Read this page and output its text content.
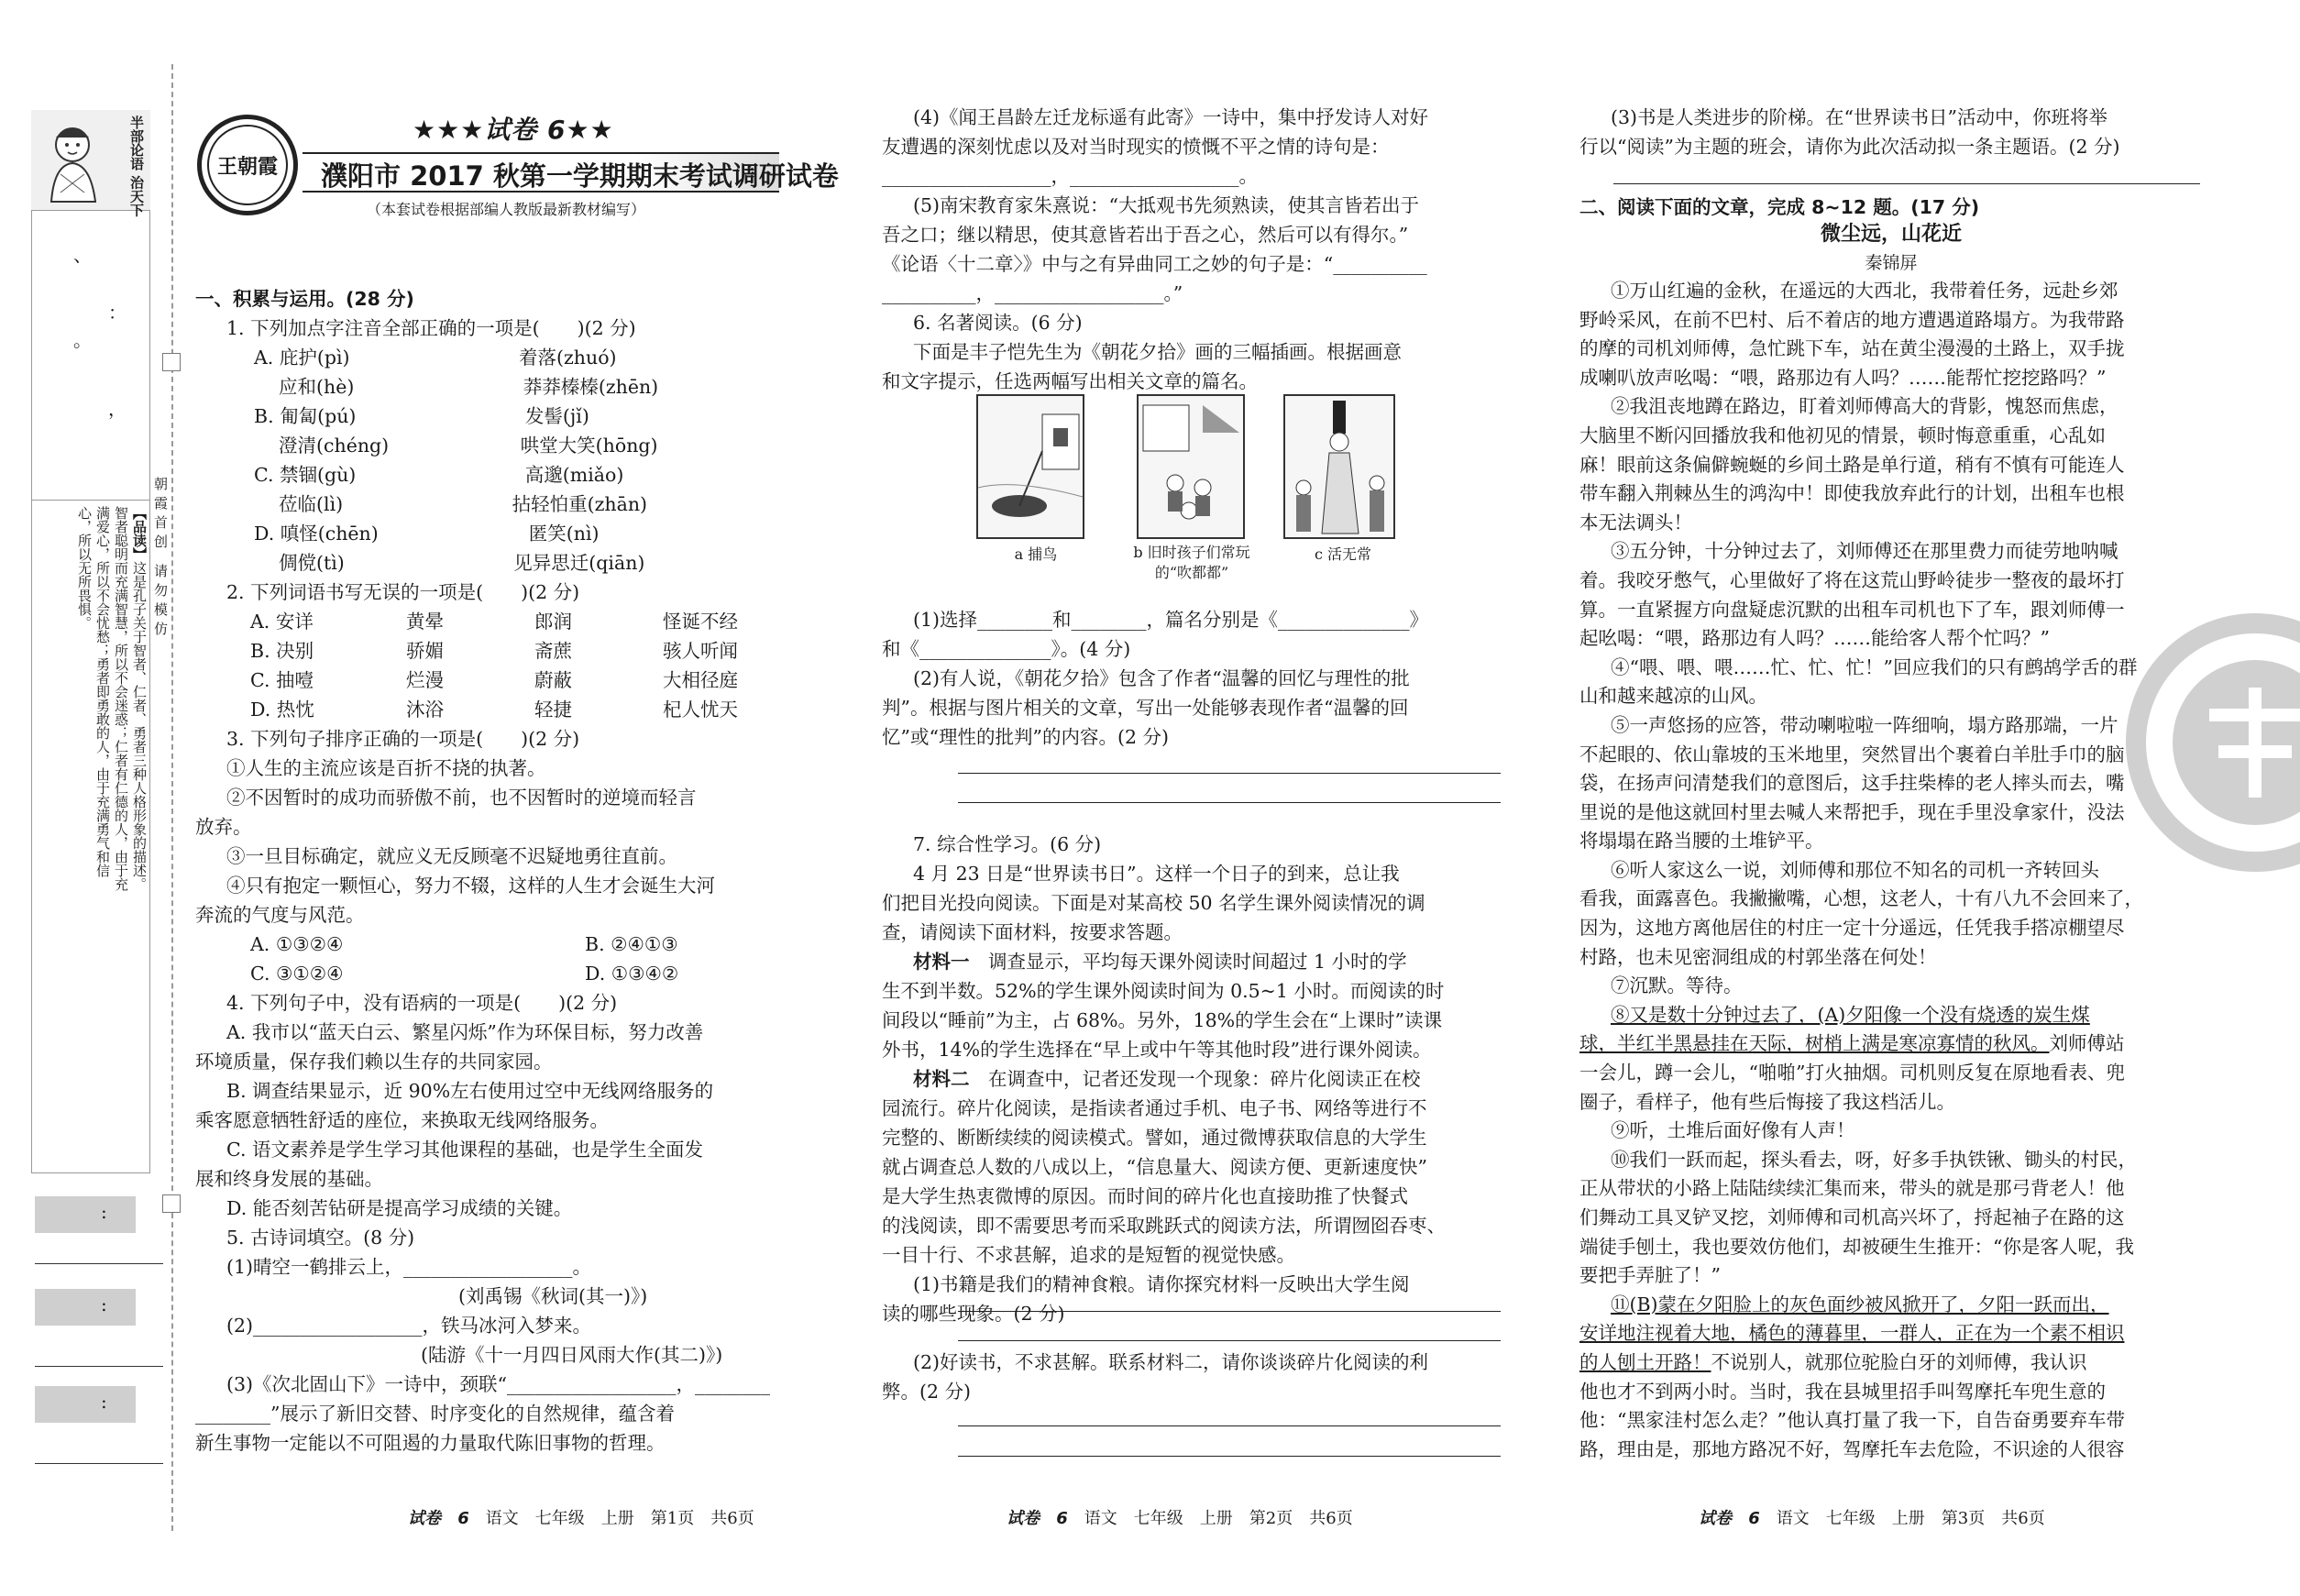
半部论语 治天下
、
：
。
，
【品读】这是孔子关于智者、仁者、勇者三种人格形象的描述。智者聪明而充满智慧，所以不会迷惑；仁者有仁德的人，由于充满爱心，所以不会忧愁；勇者即勇敢的人，由于充满勇气和信心，所以无所畏惧。	朝霞首创 请勿模仿
:
:
:
王朝霞
★★★试卷 6★★
濮阳市 2017 秋第一学期期末考试调研试卷
（本套试卷根据部编人教版最新教材编写）

一、积累与运用。(28 分)

1. 下列加点字注音全部正确的一项是(　　)(2 分)

A. 庇护(pì)　　　　　　　　　着落(zhuó)

　 应和(hè)　　　　　　　　　莽莽榛榛(zhēn)

B. 匍匐(pú)　　　　　　　　　发髻(jǐ)

　 澄清(chéng)　　　　　　　哄堂大笑(hōng)

C. 禁锢(gù)　　　　　　　　　高邈(miǎo)

　 莅临(lì)　　　　　　　　　拈轻怕重(zhān)

D. 嗔怪(chēn)　　　　　　　　匿笑(nì)

　 倜傥(tì)　　　　　　　　　见异思迁(qiān)

2. 下列词语书写无误的一项是(　　)(2 分)

A. 安详	黄晕	郎润	怪诞不经
B. 决别	骄媚	斋蔗	骇人听闻
C. 抽噎	烂漫	蔚蔽	大相径庭
D. 热忱	沐浴	轻捷	杞人忧天

3. 下列句子排序正确的一项是(　　)(2 分)

①人生的主流应该是百折不挠的执著。

②不因暂时的成功而骄傲不前，也不因暂时的逆境而轻言

放弃。

③一旦目标确定，就应义无反顾毫不迟疑地勇往直前。

④只有抱定一颗恒心，努力不辍，这样的人生才会诞生大河

奔流的气度与风范。

A. ①③②④	B. ②④①③
C. ③①②④	D. ①③④②

4. 下列句子中，没有语病的一项是(　　)(2 分)

A. 我市以“蓝天白云、繁星闪烁”作为环保目标，努力改善

环境质量，保存我们赖以生存的共同家园。

B. 调查结果显示，近 90%左右使用过空中无线网络服务的

乘客愿意牺牲舒适的座位，来换取无线网络服务。

C. 语文素养是学生学习其他课程的基础，也是学生全面发

展和终身发展的基础。

D. 能否刻苦钻研是提高学习成绩的关键。

5. 古诗词填空。(8 分)

(1)晴空一鹤排云上，__________________。

　　　　　　　　　　　　　　(刘禹锡《秋词(其一)》)

(2)__________________，铁马冰河入梦来。

　　　　　　　　　　　　(陆游《十一月四日风雨大作(其二)》)

(3)《次北固山下》一诗中，颈联“__________________，________

________”展示了新旧交替、时序变化的自然规律，蕴含着

新生事物一定能以不可阻遏的力量取代陈旧事物的哲理。

(4)《闻王昌龄左迁龙标遥有此寄》一诗中，集中抒发诗人对好

友遭遇的深刻忧虑以及对当时现实的愤慨不平之情的诗句是：

__________________，__________________。

(5)南宋教育家朱熹说：“大抵观书先须熟读，使其言皆若出于

吾之口；继以精思，使其意皆若出于吾之心，然后可以有得尔。”

《论语〈十二章〉》中与之有异曲同工之妙的句子是：“__________

__________，__________________。”

6. 名著阅读。(6 分)

下面是丰子恺先生为《朝花夕拾》画的三幅插画。根据画意

和文字提示，任选两幅写出相关文章的篇名。

a 捕鸟	b 旧时孩子们常玩的“吹都都”
c 活无常

(1)选择________和________，篇名分别是《______________》

和《______________》。(4 分)

(2)有人说，《朝花夕拾》包含了作者“温馨的回忆与理性的批

判”。根据与图片相关的文章，写出一处能够表现作者“温馨的回

忆”或“理性的批判”的内容。(2 分)

7. 综合性学习。(6 分)

4 月 23 日是“世界读书日”。这样一个日子的到来，总让我

们把目光投向阅读。下面是对某高校 50 名学生课外阅读情况的调

查，请阅读下面材料，按要求答题。

材料一　调查显示，平均每天课外阅读时间超过 1 小时的学

生不到半数。52%的学生课外阅读时间为 0.5~1 小时。而阅读的时

间段以“睡前”为主，占 68%。另外，18%的学生会在“上课时”读课

外书，14%的学生选择在“早上或中午等其他时段”进行课外阅读。

材料二　在调查中，记者还发现一个现象：碎片化阅读正在校

园流行。碎片化阅读，是指读者通过手机、电子书、网络等进行不

完整的、断断续续的阅读模式。譬如，通过微博获取信息的大学生

就占调查总人数的八成以上，“信息量大、阅读方便、更新速度快”

是大学生热衷微博的原因。而时间的碎片化也直接助推了快餐式

的浅阅读，即不需要思考而采取跳跃式的阅读方法，所谓囫囵吞枣、

一目十行、不求甚解，追求的是短暂的视觉快感。

(1)书籍是我们的精神食粮。请你探究材料一反映出大学生阅

读的哪些现象。(2 分)

(2)好读书，不求甚解。联系材料二，请你谈谈碎片化阅读的利

弊。(2 分)

(3)书是人类进步的阶梯。在“世界读书日”活动中，你班将举

行以“阅读”为主题的班会，请你为此次活动拟一条主题语。(2 分)

二、阅读下面的文章，完成 8~12 题。(17 分)
微尘远，山花近
秦锦屏

①万山红遍的金秋，在遥远的大西北，我带着任务，远赴乡郊

野岭采风，在前不巴村、后不着店的地方遭遇道路塌方。为我带路

的摩的司机刘师傅，急忙跳下车，站在黄尘漫漫的土路上，双手拢

成喇叭放声吆喝：“喂，路那边有人吗？……能帮忙挖挖路吗？”

②我沮丧地蹲在路边，盯着刘师傅高大的背影，愧怒而焦虑，

大脑里不断闪回播放我和他初见的情景，顿时悔意重重，心乱如

麻！眼前这条偏僻蜿蜒的乡间土路是单行道，稍有不慎有可能连人

带车翻入荆棘丛生的鸿沟中！即使我放弃此行的计划，出租车也根

本无法调头！

③五分钟，十分钟过去了，刘师傅还在那里费力而徒劳地呐喊

着。我咬牙憋气，心里做好了将在这荒山野岭徒步一整夜的最坏打

算。一直紧握方向盘疑虑沉默的出租车司机也下了车，跟刘师傅一

起吆喝：“喂，路那边有人吗？……能给客人帮个忙吗？”

④“喂、喂、喂……忙、忙、忙！”回应我们的只有鹧鸪学舌的群

山和越来越凉的山风。

⑤一声悠扬的应答，带动喇啦啦一阵细响，塌方路那端，一片

不起眼的、依山靠坡的玉米地里，突然冒出个裹着白羊肚手巾的脑

袋，在扬声问清楚我们的意图后，这手拄柴棒的老人摔头而去，嘴

里说的是他这就回村里去喊人来帮把手，现在手里没拿家什，没法

将塌塌在路当腰的土堆铲平。

⑥听人家这么一说，刘师傅和那位不知名的司机一齐转回头

看我，面露喜色。我撇撇嘴，心想，这老人，十有八九不会回来了，

因为，这地方离他居住的村庄一定十分遥远，任凭我手搭凉棚望尽

村路，也未见密洞组成的村郭坐落在何处！

⑦沉默。等待。

⑧又是数十分钟过去了，(A)夕阳像一个没有烧透的炭生煤

球，半红半黑悬挂在天际，树梢上满是寒凉寡情的秋风。刘师傅站

一会儿，蹲一会儿，“啪啪”打火抽烟。司机则反复在原地看表、兜

圈子，看样子，他有些后悔接了我这档活儿。

⑨听，土堆后面好像有人声！

⑩我们一跃而起，探头看去，呀，好多手执铁锹、锄头的村民，

正从带状的小路上陆陆续续汇集而来，带头的就是那弓背老人！他

们舞动工具叉铲叉挖，刘师傅和司机高兴坏了，捋起袖子在路的这

端徒手刨土，我也要效仿他们，却被硬生生推开：“你是客人呢，我

要把手弄脏了！”

⑪(B)蒙在夕阳脸上的灰色面纱被风掀开了，夕阳一跃而出，

安详地注视着大地，橘色的薄暮里，一群人，正在为一个素不相识

的人刨土开路！不说别人，就那位驼脸白牙的刘师傅，我认识

他也才不到两小时。当时，我在县城里招手叫驾摩托车兜生意的

他：“黑家洼村怎么走？”他认真打量了我一下，自告奋勇要弃车带

路，理由是，那地方路况不好，驾摩托车去危险，不识途的人很容

试卷 6 语文　七年级　上册　第1页　共6页	试卷 6 语文　七年级　上册　第2页　共6页	试卷 6 语文　七年级　上册　第3页　共6页
